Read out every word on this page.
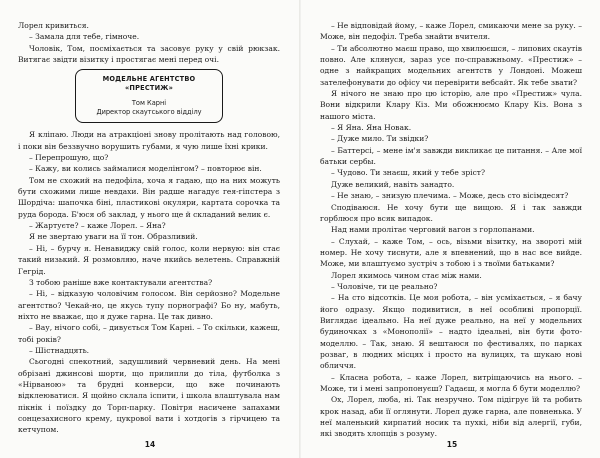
Лорел кривиться.

– Замала для тебе, гімноче.

Чоловік, Том, посміхається та засовує руку у свій рюкзак. Витягає звідти візитку і простягає мені перед очі.

МОДЕЛЬНЕ АГЕНТСТВО «ПРЕСТИЖ»
Том Карні
Директор скаутського відділу

Я кліпаю. Люди на атракціоні знову пролітають над головою, і поки він беззвучно ворушить губами, я чую лише їхні крики.

– Перепрошую, що?

– Кажу, ви колись займалися моделінгом? – повторює він.

Том не схожий на педофіла, хоча я гадаю, що на них можуть бути схожими лише невдахи. Він радше нагадує гея-гіпстера з Шордіча: шапочка біні, пластикові окуляри, картата сорочка та руда борода. Б'юся об заклад, у нього ще й складаний велик є.

– Жартуєте? – каже Лорел. – Яна?

Я не звертаю уваги на її тон. Образливий.

– Ні, – бурчу я. Ненавиджу свій голос, коли нервую: він стає такий низький. Я розмовляю, наче якийсь велетень. Справжній Гегрід.

З тобою раніше вже контактували агентства?

– Ні, – відказую чоловічим голосом. Він серйозно? Модельне агентство? Чекай-но, це якусь тупу порнографі? Бо ну, мабуть, ніхто не вважає, що я дуже гарна. Це так дивно.

– Вау, нічого собі, – дивується Том Карні. – То скільки, кажеш, тобі років?

– Шістнадцять.

Сьогодні спекотний, задушливий червневий день. На мені обрізані джинсові шорти, що прилипли до тіла, футболка з «Нірваною» та брудні конверси, що вже починають відклеюватися. Я щойно склала іспити, і школа влаштувала нам пікнік і поїздку до Торп-парку. Повітря насичене запахами сонцезахисного крему, цукрової вати і хотдогів з гірчицею та кетчупом.

– Не відповідай йому, – каже Лорел, смикаючи мене за руку. – Може, він педофіл. Треба знайти вчителя.

– Ти абсолютно маєш право, що хвилюєшся, – липових скаутів повно. Але клянуся, зараз усе по-справжньому. «Престиж» – одне з найкращих модельних агентств у Лондоні. Можеш зателефонувати до офісу чи перевірити вебсайт. Як тебе звати?

Я нічого не знаю про цю історію, але про «Престиж» чула. Вони відкрили Клару Кіз. Ми обожнюємо Клару Кіз. Вона з нашого міста.

– Я Яна. Яна Новак.

– Дуже мило. Ти звідки?

– Баттерсі, – мене ім'я завжди викликає це питання. – Але мої батьки сербы.

– Чудово. Ти знаєш, який у тебе зріст?

Дуже великий, навіть занадто.

– Не знаю, – знизую плечима. – Може, десь сто вісімдесят?

Сподіваюся. Не хочу бути ще вищою. Я і так завжди горблюся про всяк випадок.

Над нами пролітає черговий вагон з горлопанами.

– Слухай, – каже Том, – ось, візьми візитку, на звороті мій номер. Не хочу тиснути, але я впевнений, що в нас все вийде. Може, ми влаштуємо зустріч з тобою і з твоїми батьками?

Лорел якимось чином стає між нами.

– Чоловіче, ти це реально?

– На сто відсотків. Це моя робота, – він усміхається, – я бачу його одразу. Якщо подивитися, в неї особливі пропорції. Виглядає ідеально. На неї дуже реально, на неї у модельних будиночках з «Монополії» – надто ідеальні, він бути фото-моделлю. – Так, знаю. Я вештаюся по фестивалях, по парках розваг, в людних місцях і просто на вулицях, та шукаю нові обличчя.

– Класна робота, – каже Лорел, витріщаючись на нього. – Може, ти і мені запропонуєш? Гадаєш, я могла б бути моделлю?

Ох, Лорел, люба, ні. Так незручно. Том підігрує їй та робить крок назад, аби її оглянути. Лорел дуже гарна, але повненька. У неї маленький кирпатий носик та пухкі, ніби від алергії, губи, які зводять хлопців з розуму.

14	15
